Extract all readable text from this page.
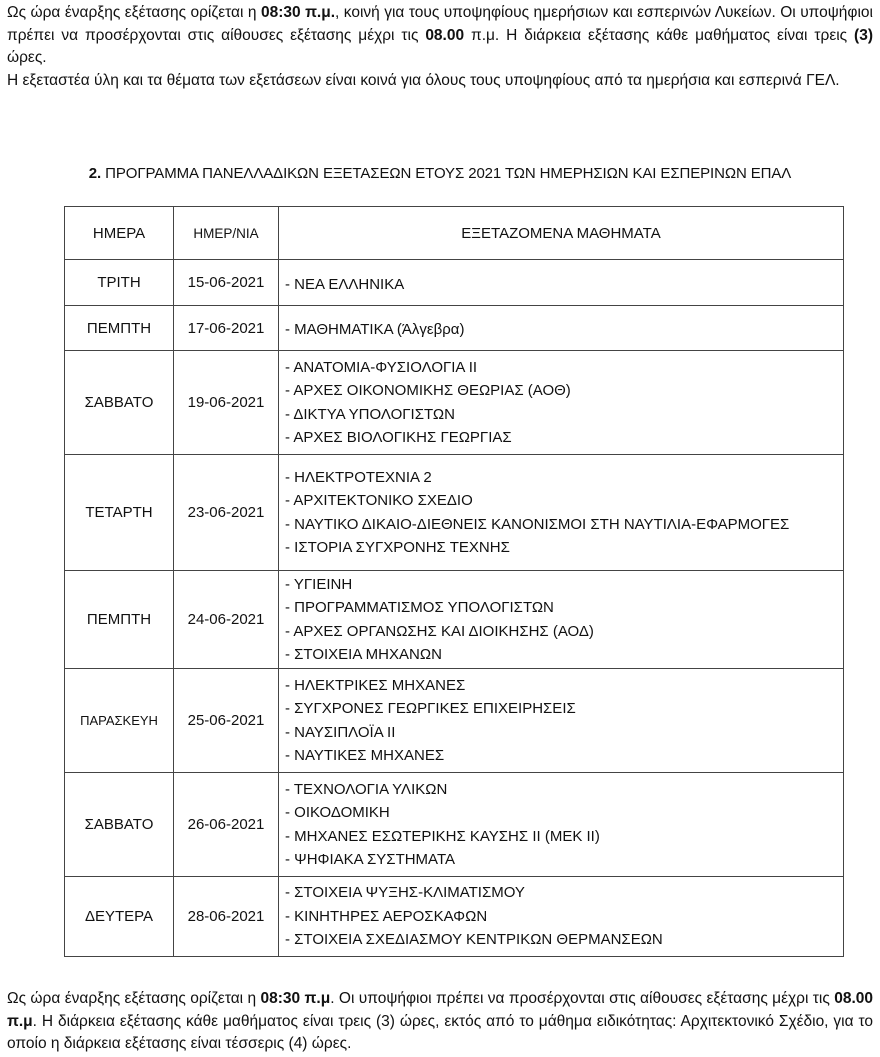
Ως ώρα έναρξης εξέτασης ορίζεται η 08:30 π.μ., κοινή για τους υποψηφίους ημερήσιων και εσπερινών Λυκείων. Οι υποψήφιοι πρέπει να προσέρχονται στις αίθουσες εξέτασης μέχρι τις 08.00 π.μ. Η διάρκεια εξέτασης κάθε μαθήματος είναι τρεις (3) ώρες.
Η εξεταστέα ύλη και τα θέματα των εξετάσεων είναι κοινά για όλους τους υποψηφίους από τα ημερήσια και εσπερινά ΓΕΛ.
2. ΠΡΟΓΡΑΜΜΑ ΠΑΝΕΛΛΑΔΙΚΩΝ ΕΞΕΤΑΣΕΩΝ ΕΤΟΥΣ 2021 ΤΩΝ ΗΜΕΡΗΣΙΩΝ ΚΑΙ ΕΣΠΕΡΙΝΩΝ ΕΠΑΛ
ΗΜΕΡΑ	ΗΜΕΡ/ΝΙΑ	ΕΞΕΤΑΖΟΜΕΝΑ ΜΑΘΗΜΑΤΑ
ΤΡΙΤΗ	15-06-2021	- ΝΕΑ ΕΛΛΗΝΙΚΑ

ΠΕΜΠΤΗ	17-06-2021	- ΜΑΘΗΜΑΤΙΚΑ (Άλγεβρα)

ΣΑΒΒΑΤΟ	19-06-2021	- ΑΝΑΤΟΜΙΑ-ΦΥΣΙΟΛΟΓΙΑ ΙΙ
- ΑΡΧΕΣ ΟΙΚΟΝΟΜΙΚΗΣ ΘΕΩΡΙΑΣ (ΑΟΘ)
- ΔΙΚΤΥΑ ΥΠΟΛΟΓΙΣΤΩΝ
- ΑΡΧΕΣ ΒΙΟΛΟΓΙΚΗΣ ΓΕΩΡΓΙΑΣ

ΤΕΤΑΡΤΗ	23-06-2021	- ΗΛΕΚΤΡΟΤΕΧΝΙΑ 2
- ΑΡΧΙΤΕΚΤΟΝΙΚΟ ΣΧΕΔΙΟ
- ΝΑΥΤΙΚΟ ΔΙΚΑΙΟ-ΔΙΕΘΝΕΙΣ ΚΑΝΟΝΙΣΜΟΙ ΣΤΗ ΝΑΥΤΙΛΙΑ-ΕΦΑΡΜΟΓΕΣ
- ΙΣΤΟΡΙΑ ΣΥΓΧΡΟΝΗΣ ΤΕΧΝΗΣ

ΠΕΜΠΤΗ	24-06-2021	- ΥΓΙΕΙΝΗ
- ΠΡΟΓΡΑΜΜΑΤΙΣΜΟΣ ΥΠΟΛΟΓΙΣΤΩΝ
- ΑΡΧΕΣ ΟΡΓΑΝΩΣΗΣ ΚΑΙ ΔΙΟΙΚΗΣΗΣ (ΑΟΔ)
- ΣΤΟΙΧΕΙΑ ΜΗΧΑΝΩΝ

ΠΑΡΑΣΚΕΥΗ	25-06-2021	- ΗΛΕΚΤΡΙΚΕΣ ΜΗΧΑΝΕΣ
- ΣΥΓΧΡΟΝΕΣ ΓΕΩΡΓΙΚΕΣ ΕΠΙΧΕΙΡΗΣΕΙΣ
- ΝΑΥΣΙΠΛΟΪΑ ΙΙ
- ΝΑΥΤΙΚΕΣ ΜΗΧΑΝΕΣ

ΣΑΒΒΑΤΟ	26-06-2021	- ΤΕΧΝΟΛΟΓΙΑ ΥΛΙΚΩΝ
- ΟΙΚΟΔΟΜΙΚΗ
- ΜΗΧΑΝΕΣ ΕΣΩΤΕΡΙΚΗΣ ΚΑΥΣΗΣ ΙΙ (ΜΕΚ ΙΙ)
- ΨΗΦΙΑΚΑ ΣΥΣΤΗΜΑΤΑ

ΔΕΥΤΕΡΑ	28-06-2021	- ΣΤΟΙΧΕΙΑ ΨΥΞΗΣ-ΚΛΙΜΑΤΙΣΜΟΥ
- ΚΙΝΗΤΗΡΕΣ ΑΕΡΟΣΚΑΦΩΝ
- ΣΤΟΙΧΕΙΑ ΣΧΕΔΙΑΣΜΟΥ ΚΕΝΤΡΙΚΩΝ ΘΕΡΜΑΝΣΕΩΝ
Ως ώρα έναρξης εξέτασης ορίζεται η 08:30 π.μ. Οι υποψήφιοι πρέπει να προσέρχονται στις αίθουσες εξέτασης μέχρι τις 08.00 π.μ. Η διάρκεια εξέτασης κάθε μαθήματος είναι τρεις (3) ώρες, εκτός από το μάθημα ειδικότητας: Αρχιτεκτονικό Σχέδιο, για το οποίο η διάρκεια εξέτασης είναι τέσσερις (4) ώρες.
